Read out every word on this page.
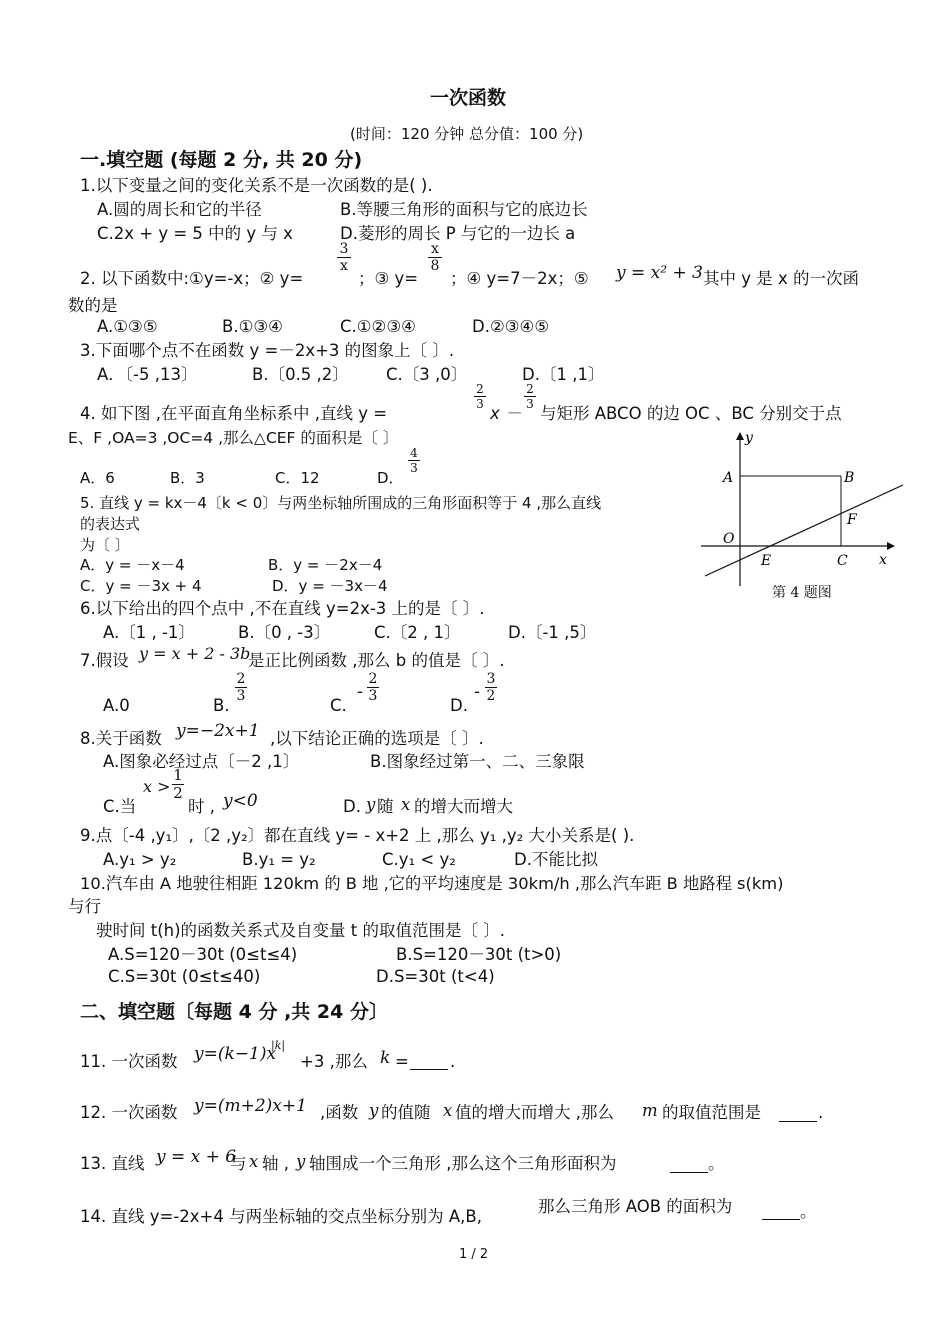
一次函数
(时间：120 分钟 总分值：100 分)
一.填空题 (每题 2 分, 共 20 分)
1.以下变量之间的变化关系不是一次函数的是( ).
A.圆的周长和它的半径	B.等腰三角形的面积与它的底边长
C.2x + y = 5 中的 y 与 x	D.菱形的周长 P 与它的一边长 a
2. 以下函数中:①y=-x；② y=
3
x
；③ y=
x
8
；④ y=7－2x；⑤ y = x² + 3 其中 y 是 x 的一次函
数的是
A.①③⑤	B.①③④	C.①②③④	D.②③④⑤
3.下面哪个点不在函数 y =－2x+3 的图象上〔 〕.
A．〔-5 ,13〕	B.〔0.5 ,2〕 C.〔3 ,0〕	D.〔1 ,1〕
4. 如下图 ,在平面直角坐标系中 ,直线 y =
2
3 x －
2
3 与矩形 ABCO 的边 OC 、BC 分别交于点
E、F ,OA=3 ,OC=4 ,那么△CEF 的面积是〔 〕
A．6	B．3	C．12	D．
4
3
5. 直线 y = kx－4〔k < 0〕与两坐标轴所围成的三角形面积等于 4 ,那么直线
的表达式
为〔 〕
A．y = －x－4	B．y = －2x－4
C．y = －3x + 4	D．y = －3x－4
y
x
A	B
O
E	C
F
第 4 题图
6.以下给出的四个点中 ,不在直线 y=2x-3 上的是〔 〕.
A.〔1 , -1〕	B.〔0 , -3〕	C.〔2 , 1〕	D.〔-1 ,5〕
7.假设 y = x + 2 - 3b
是正比例函数 ,那么 b 的值是〔 〕.
A.0	B.
2
3	C.
-
2
3	D.
-
3
2
8.关于函数 y=−2x+1 ,以下结论正确的选项是〔 〕.
A.图象必经过点〔－2 ,1〕	B.图象经过第一、二、三象限
C.当
x >
1
2
时 , y<0	D. y 随 x 的增大而增大
9.点〔-4 ,y₁〕,〔2 ,y₂〕都在直线 y= - x+2 上 ,那么 y₁ ,y₂ 大小关系是( ).
A.y₁ > y₂	B.y₁ = y₂	C.y₁ < y₂	D.不能比拟
10.汽车由 A 地驶往相距 120km 的 B 地 ,它的平均速度是 30km/h ,那么汽车距 B 地路程 s(km)
与行
驶时间 t(h)的函数关系式及自变量 t 的取值范围是〔 〕.
A.S=120－30t (0≤t≤4)	B.S=120－30t (t>0)
C.S=30t (0≤t≤40)	D.S=30t (t<4)
二、填空题〔每题 4 分 ,共 24 分〕
11. 一次函数 y=(k−1)x
|k|
+3 ,那么 k = .
12. 一次函数 y=(m+2)x+1 ,函数 y 的值随 x 值的增大而增大 ,那么 m 的取值范围是	.
13. 直线 y = x + 6
与 x 轴 , y 轴围成一个三角形 ,那么这个三角形面积为	。
14. 直线 y=-2x+4 与两坐标轴的交点坐标分别为 A,B,
那么三角形 AOB 的面积为	。
1 / 2
